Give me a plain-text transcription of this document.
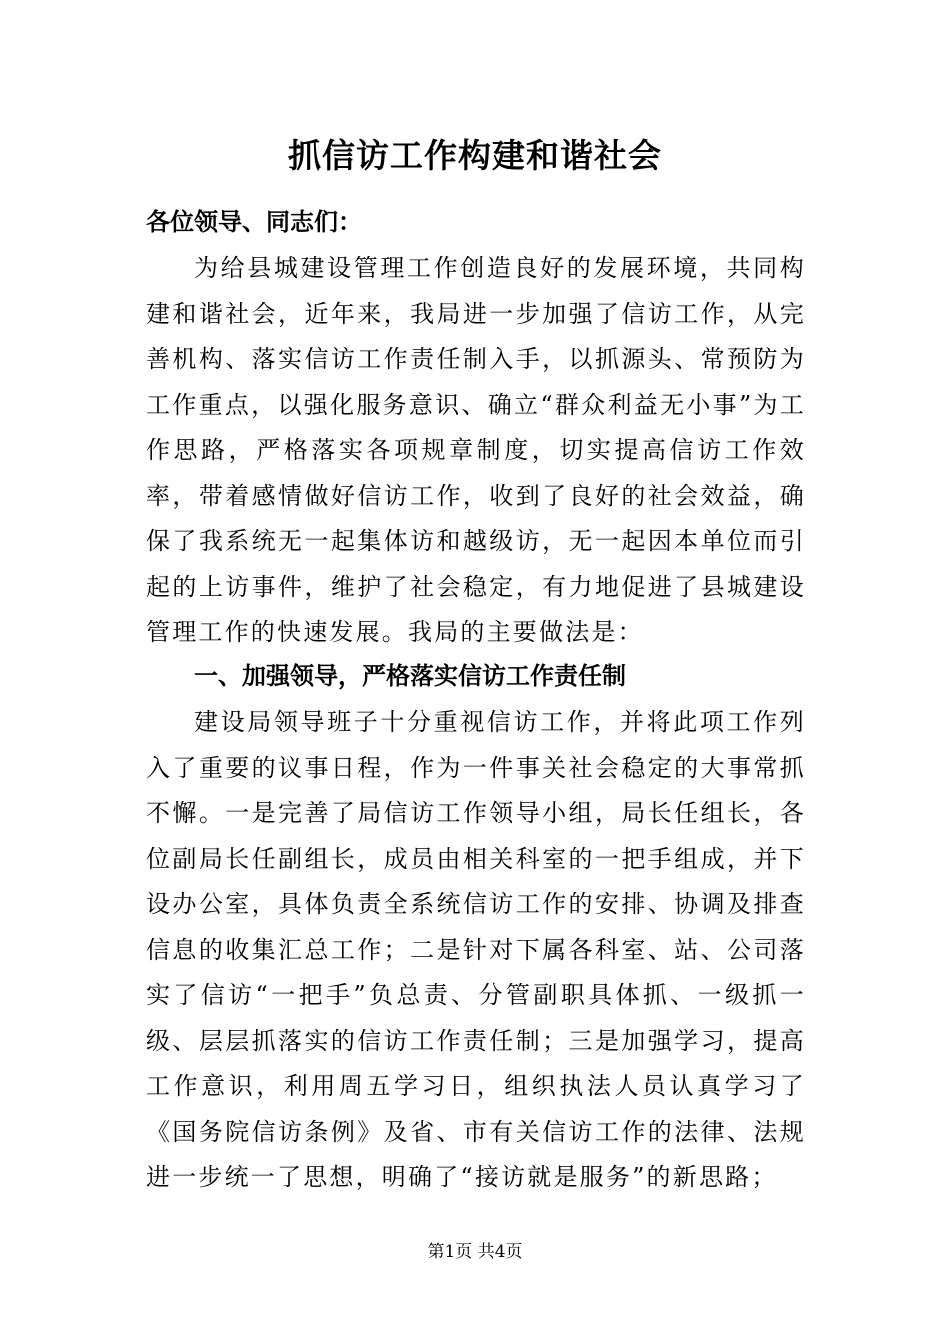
抓信访工作构建和谐社会
各位领导、同志们：
为给县城建设管理工作创造良好的发展环境，共同构建和谐社会，近年来，我局进一步加强了信访工作，从完善机构、落实信访工作责任制入手，以抓源头、常预防为工作重点，以强化服务意识、确立“群众利益无小事”为工作思路，严格落实各项规章制度，切实提高信访工作效率，带着感情做好信访工作，收到了良好的社会效益，确保了我系统无一起集体访和越级访，无一起因本单位而引起的上访事件，维护了社会稳定，有力地促进了县城建设管理工作的快速发展。我局的主要做法是：
一、加强领导，严格落实信访工作责任制
建设局领导班子十分重视信访工作，并将此项工作列入了重要的议事日程，作为一件事关社会稳定的大事常抓不懈。一是完善了局信访工作领导小组，局长任组长，各位副局长任副组长，成员由相关科室的一把手组成，并下设办公室，具体负责全系统信访工作的安排、协调及排查信息的收集汇总工作；二是针对下属各科室、站、公司落实了信访“一把手”负总责、分管副职具体抓、一级抓一级、层层抓落实的信访工作责任制；三是加强学习，提高工作意识，利用周五学习日，组织执法人员认真学习了《国务院信访条例》及省、市有关信访工作的法律、法规进一步统一了思想，明确了“接访就是服务”的新思路；
第1页 共4页
